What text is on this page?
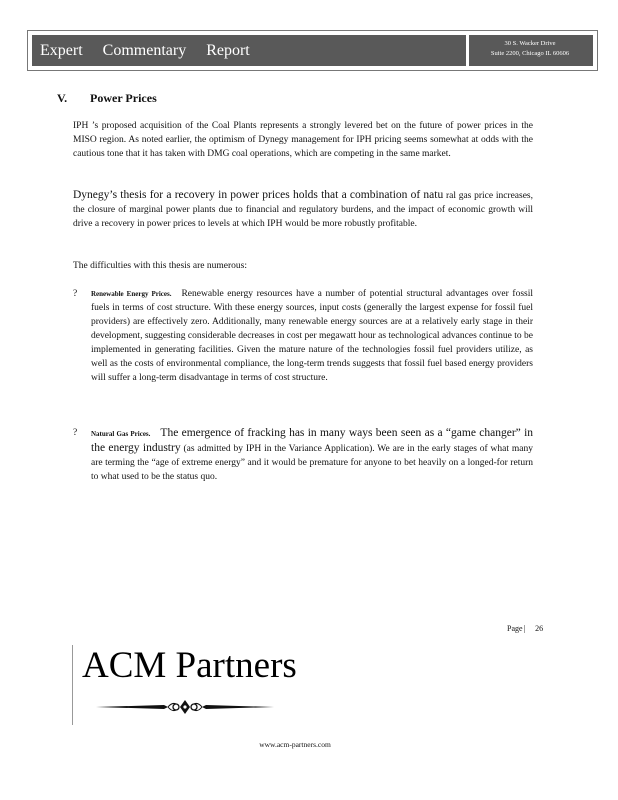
Expert Commentary Report	30 S. Wacker Drive
Suite 2200, Chicago IL 60606
V. Power Prices
IPH ’s proposed acquisition of the Coal Plants represents a strongly levered bet on the future of power prices in the MISO region. As noted earlier, the optimism of Dynegy management for IPH pricing seems somewhat at odds with the cautious tone that it has taken with DMG coal operations, which are competing in the same market.
Dynegy’s thesis for a recovery in power prices holds that a combination of natu ral gas price increases, the closure of marginal power plants due to financial and regulatory burdens, and the impact of economic growth will drive a recovery in power prices to levels at which IPH would be more robustly profitable.
The difficulties with this thesis are numerous:
? Renewable Energy Prices. Renewable energy resources have a number of potential structural advantages over fossil fuels in terms of cost structure. With these energy sources, input costs (generally the largest expense for fossil fuel providers) are effectively zero. Additionally, many renewable energy sources are at a relatively early stage in their development, suggesting considerable decreases in cost per megawatt hour as technological advances continue to be implemented in generating facilities. Given the mature nature of the technologies fossil fuel providers utilize, as well as the costs of environmental compliance, the long-term trends suggests that fossil fuel based energy providers will suffer a long-term disadvantage in terms of cost structure.
? Natural Gas Prices. The emergence of fracking has in many ways been seen as a “game changer” in the energy industry (as admitted by IPH in the Variance Application). We are in the early stages of what many are terming the “age of extreme energy” and it would be premature for anyone to bet heavily on a longed-for return to what used to be the status quo.
Page| 26
ACM Partners
www.acm-partners.com
